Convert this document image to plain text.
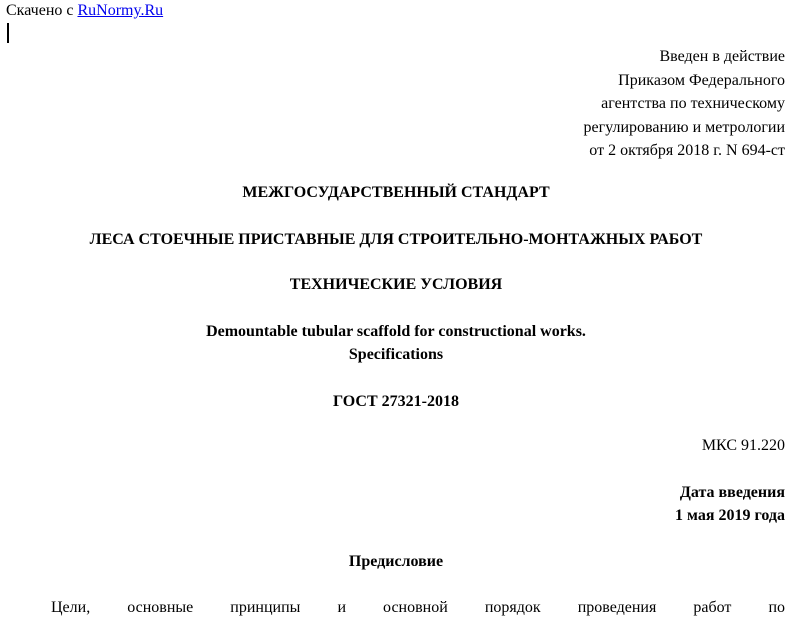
Скачено с RuNormy.Ru
Введен в действие
Приказом Федерального
агентства по техническому
регулированию и метрологии
от 2 октября 2018 г. N 694-ст
МЕЖГОСУДАРСТВЕННЫЙ СТАНДАРТ
ЛЕСА СТОЕЧНЫЕ ПРИСТАВНЫЕ ДЛЯ СТРОИТЕЛЬНО-МОНТАЖНЫХ РАБОТ
ТЕХНИЧЕСКИЕ УСЛОВИЯ
Demountable tubular scaffold for constructional works.
Specifications
ГОСТ 27321-2018
МКС 91.220
Дата введения
1 мая 2019 года
Предисловие
Цели, основные принципы и основной порядок проведения работ по
